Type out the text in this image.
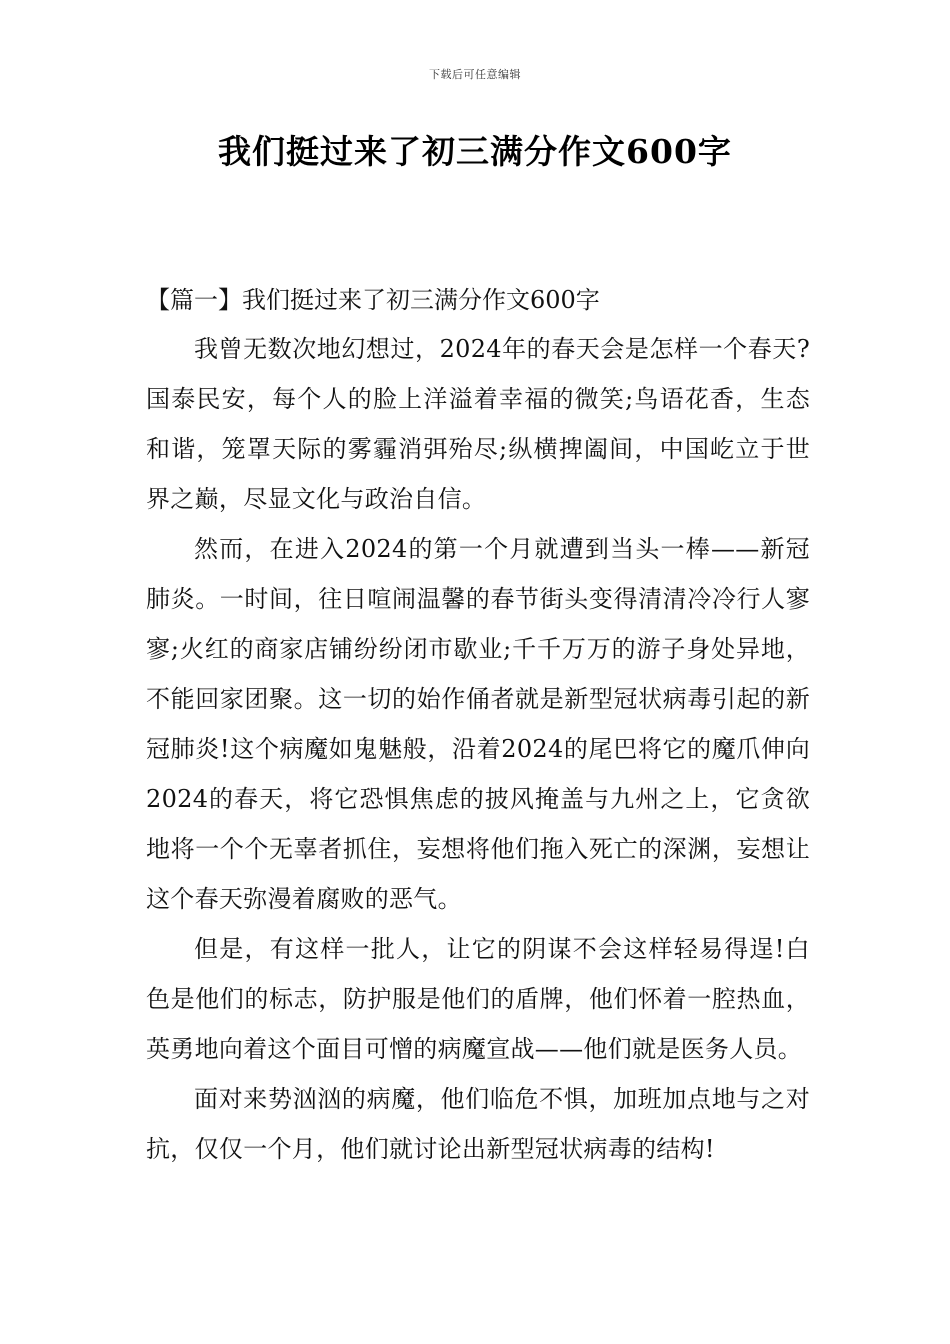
下载后可任意编辑
我们挺过来了初三满分作文600字

【篇一】我们挺过来了初三满分作文600字

我曾无数次地幻想过，2024年的春天会是怎样一个春天?国泰民安，每个人的脸上洋溢着幸福的微笑;鸟语花香，生态和谐，笼罩天际的雾霾消弭殆尽;纵横捭阖间，中国屹立于世界之巅，尽显文化与政治自信。

然而，在进入2024的第一个月就遭到当头一棒——新冠肺炎。一时间，往日喧闹温馨的春节街头变得清清冷冷行人寥寥;火红的商家店铺纷纷闭市歇业;千千万万的游子身处异地，不能回家团聚。这一切的始作俑者就是新型冠状病毒引起的新冠肺炎!这个病魔如鬼魅般，沿着2024的尾巴将它的魔爪伸向2024的春天，将它恐惧焦虑的披风掩盖与九州之上，它贪欲地将一个个无辜者抓住，妄想将他们拖入死亡的深渊，妄想让这个春天弥漫着腐败的恶气。

但是，有这样一批人，让它的阴谋不会这样轻易得逞!白色是他们的标志，防护服是他们的盾牌，他们怀着一腔热血，英勇地向着这个面目可憎的病魔宣战——他们就是医务人员。

面对来势汹汹的病魔，他们临危不惧，加班加点地与之对抗，仅仅一个月，他们就讨论出新型冠状病毒的结构!
